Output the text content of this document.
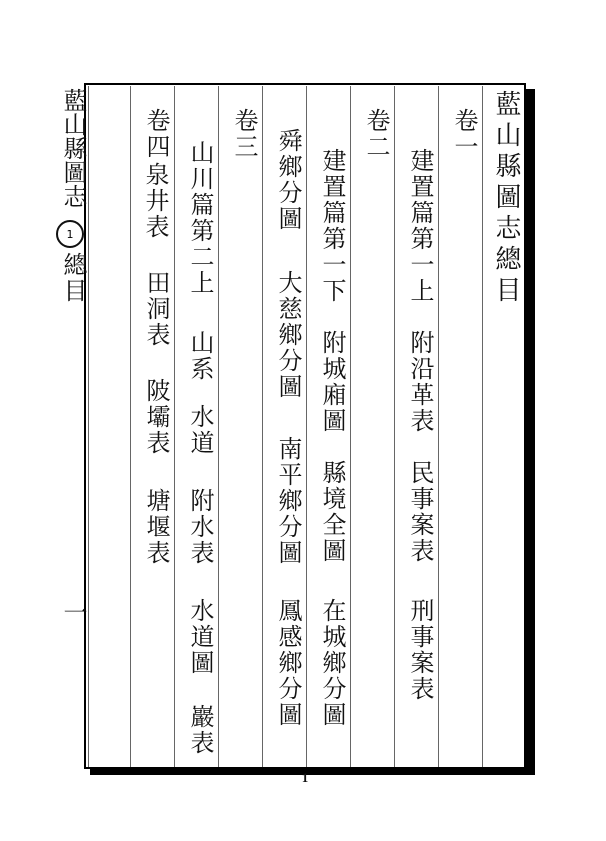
藍山縣圖志總目
卷一
建置篇第一上
附沿革表
民事案表
刑事案表
卷二
建置篇第一下
附城廂圖
縣境全圖
在城鄉分圖
舜鄉分圖
大慈鄉分圖
南平鄉分圖
鳳感鄉分圖
卷三
山川篇第二上
山系
水道
附水表
水道圖
巖表
卷四
泉井表
田洞表
陂壩表
塘堰表
藍山縣圖志
1
總目
一
1
